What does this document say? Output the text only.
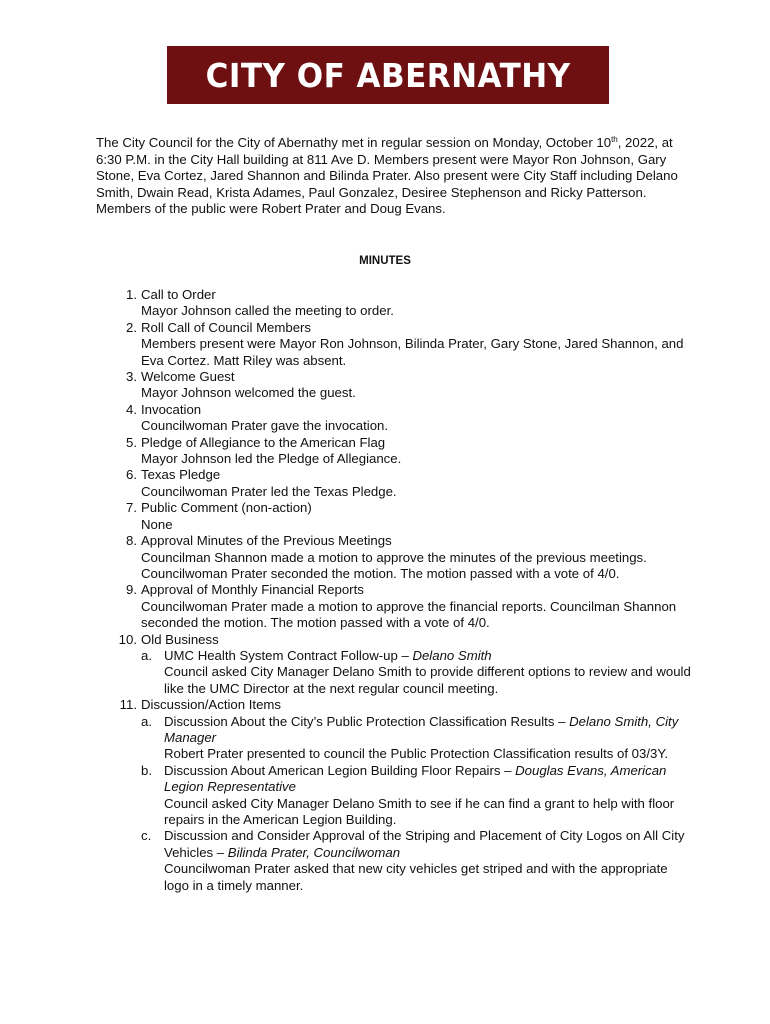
CITY OF ABERNATHY

The City Council for the City of Abernathy met in regular session on Monday, October 10th, 2022, at 6:30 P.M. in the City Hall building at 811 Ave D. Members present were Mayor Ron Johnson, Gary Stone, Eva Cortez, Jared Shannon and Bilinda Prater. Also present were City Staff including Delano Smith, Dwain Read, Krista Adames, Paul Gonzalez, Desiree Stephenson and Ricky Patterson. Members of the public were Robert Prater and Doug Evans.

MINUTES

1. Call to Order
Mayor Johnson called the meeting to order.
2. Roll Call of Council Members
Members present were Mayor Ron Johnson, Bilinda Prater, Gary Stone, Jared Shannon, and Eva Cortez. Matt Riley was absent.
3. Welcome Guest
Mayor Johnson welcomed the guest.
4. Invocation
Councilwoman Prater gave the invocation.
5. Pledge of Allegiance to the American Flag
Mayor Johnson led the Pledge of Allegiance.
6. Texas Pledge
Councilwoman Prater led the Texas Pledge.
7. Public Comment (non-action)
None
8. Approval Minutes of the Previous Meetings
Councilman Shannon made a motion to approve the minutes of the previous meetings. Councilwoman Prater seconded the motion. The motion passed with a vote of 4/0.
9. Approval of Monthly Financial Reports
Councilwoman Prater made a motion to approve the financial reports. Councilman Shannon seconded the motion. The motion passed with a vote of 4/0.
10. Old Business
a. UMC Health System Contract Follow-up – Delano Smith
Council asked City Manager Delano Smith to provide different options to review and would like the UMC Director at the next regular council meeting.
11. Discussion/Action Items
a. Discussion About the City’s Public Protection Classification Results – Delano Smith, City Manager
Robert Prater presented to council the Public Protection Classification results of 03/3Y.
b. Discussion About American Legion Building Floor Repairs – Douglas Evans, American Legion Representative
Council asked City Manager Delano Smith to see if he can find a grant to help with floor repairs in the American Legion Building.
c. Discussion and Consider Approval of the Striping and Placement of City Logos on All City Vehicles – Bilinda Prater, Councilwoman
Councilwoman Prater asked that new city vehicles get striped and with the appropriate logo in a timely manner.
